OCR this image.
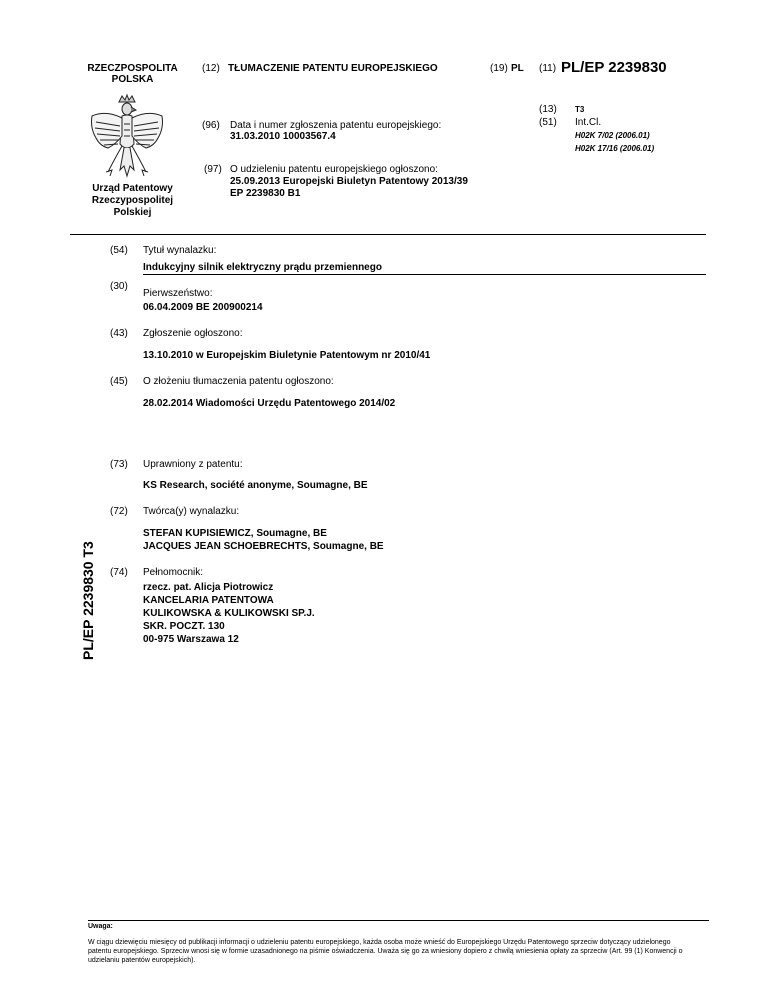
RZECZPOSPOLITA
POLSKA
Urząd Patentowy
Rzeczypospolitej
Polskiej
(12) TŁUMACZENIE PATENTU EUROPEJSKIEGO
(96) Data i numer zgłoszenia patentu europejskiego:
31.03.2010 10003567.4
(97) O udzieleniu patentu europejskiego ogłoszono:
25.09.2013 Europejski Biuletyn Patentowy 2013/39
EP 2239830 B1
(19) PL (11) PL/EP 2239830
(13) T3
(51) Int.Cl.
H02K 7/02 (2006.01)
H02K 17/16 (2006.01)
(54) Tytuł wynalazku:
Indukcyjny silnik elektryczny prądu przemiennego
(30)
Pierwszeństwo:
06.04.2009 BE 200900214
(43) Zgłoszenie ogłoszono:
13.10.2010 w Europejskim Biuletynie Patentowym nr 2010/41
(45) O złożeniu tłumaczenia patentu ogłoszono:
28.02.2014 Wiadomości Urzędu Patentowego 2014/02
(73) Uprawniony z patentu:
KS Research, société anonyme, Soumagne, BE
(72) Twórca(y) wynalazku:
STEFAN KUPISIEWICZ, Soumagne, BE
JACQUES JEAN SCHOEBRECHTS, Soumagne, BE
(74) Pełnomocnik:
rzecz. pat. Alicja Piotrowicz
KANCELARIA PATENTOWA
KULIKOWSKA & KULIKOWSKI SP.J.
SKR. POCZT. 130
00-975 Warszawa 12
PL/EP 2239830 T3
Uwaga:
W ciągu dziewięciu miesięcy od publikacji informacji o udzieleniu patentu europejskiego, każda osoba może wnieść do Europejskiego Urzędu Patentowego sprzeciw dotyczący udzielonego patentu europejskiego. Sprzeciw wnosi się w formie uzasadnionego na piśmie oświadczenia. Uważa się go za wniesiony dopiero z chwilą wniesienia opłaty za sprzeciw (Art. 99 (1) Konwencji o udzielaniu patentów europejskich).
